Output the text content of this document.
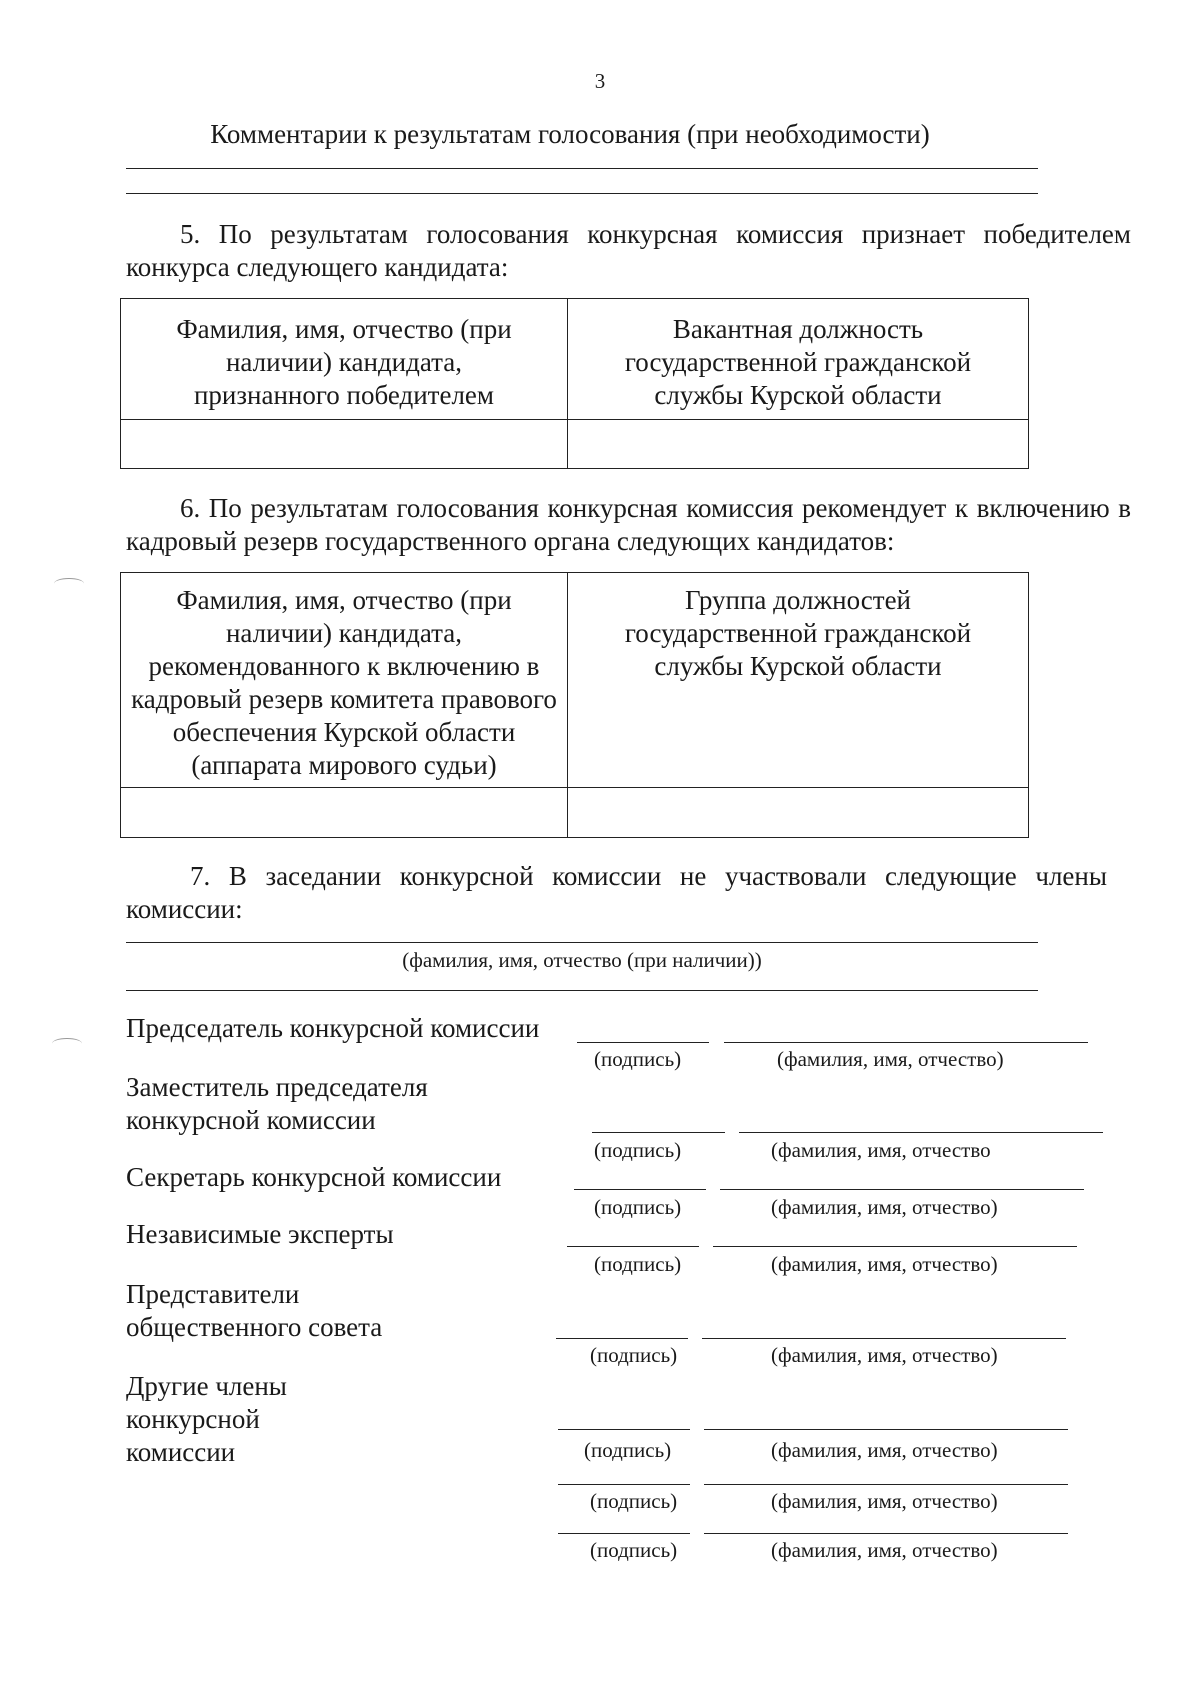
3
Комментарии к результатам голосования (при необходимости)
5. По результатам голосования конкурсная комиссия признает победителем конкурса следующего кандидата:
Фамилия, имя, отчество (при наличии) кандидата, признанного победителем	Вакантная должность государственной гражданской службы Курской области

6. По результатам голосования конкурсная комиссия рекомендует к включению в кадровый резерв государственного органа следующих кандидатов:
Фамилия, имя, отчество (при наличии) кандидата, рекомендованного к включению в кадровый резерв комитета правового обеспечения Курской области (аппарата мирового судьи)	Группа должностей государственной гражданской службы Курской области

7. В заседании конкурсной комиссии не участвовали следующие члены комиссии:
(фамилия, имя, отчество (при наличии))
Председатель конкурсной комиссии
(подпись)	(фамилия, имя, отчество)
Заместитель председателя конкурсной комиссии
(подпись)	(фамилия, имя, отчество
Секретарь конкурсной комиссии
(подпись)	(фамилия, имя, отчество)
Независимые эксперты
(подпись)	(фамилия, имя, отчество)
Представители общественного совета
(подпись)	(фамилия, имя, отчество)
Другие члены конкурсной комиссии	(подпись)	(фамилия, имя, отчество)
(подпись)	(фамилия, имя, отчество)
(подпись)	(фамилия, имя, отчество)
